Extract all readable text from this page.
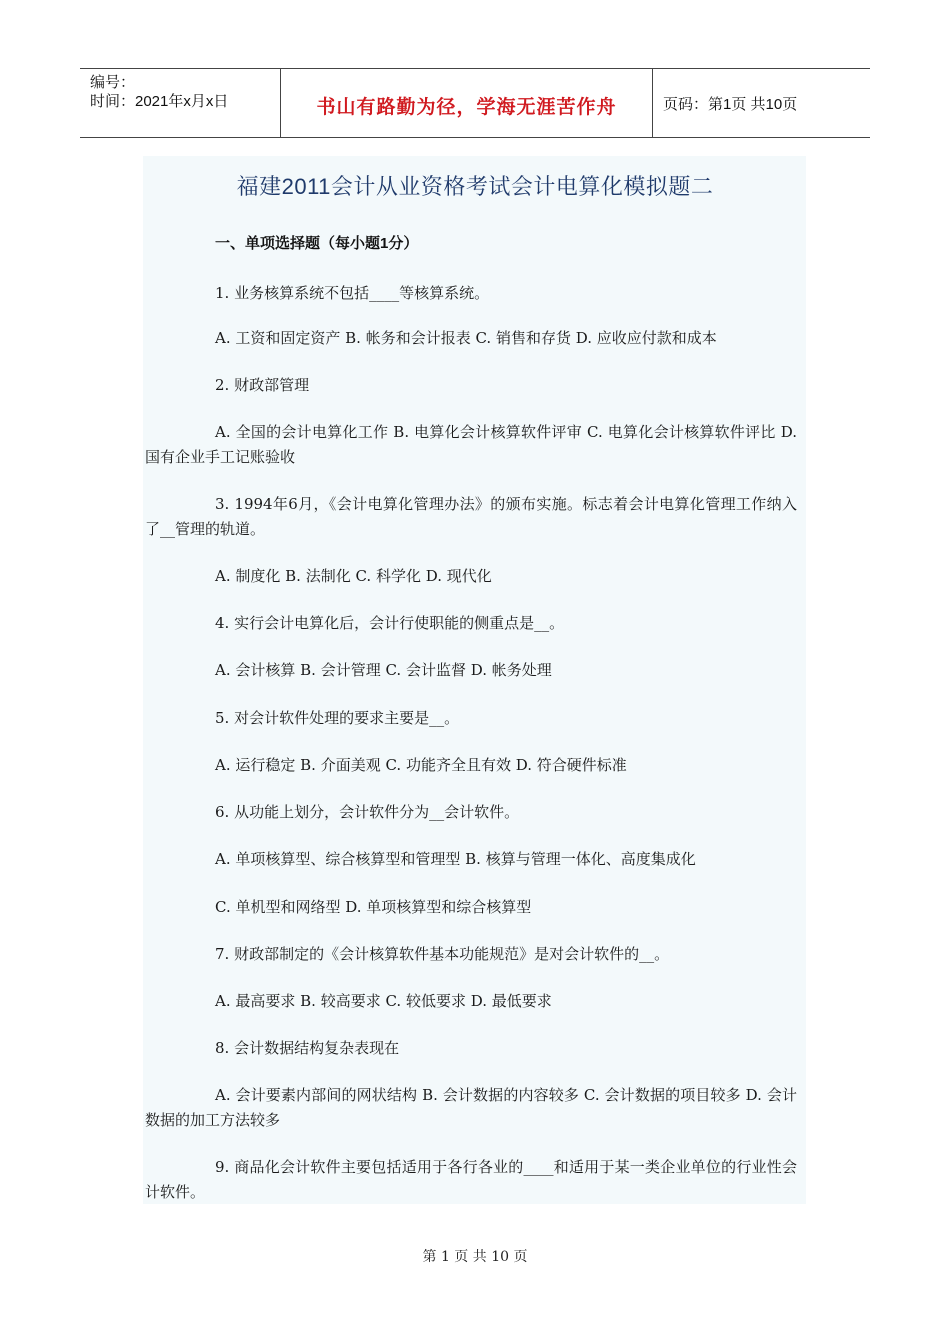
编号：
时间：2021年x月x日	书山有路勤为径，学海无涯苦作舟	页码：第1页 共10页
福建2011会计从业资格考试会计电算化模拟题二
一、单项选择题（每小题1分）

1. 业务核算系统不包括____等核算系统。

A. 工资和固定资产 B. 帐务和会计报表 C. 销售和存货 D. 应收应付款和成本

2. 财政部管理

A. 全国的会计电算化工作 B. 电算化会计核算软件评审 C. 电算化会计核算软件评比 D. 国有企业手工记账验收

3. 1994年6月，《会计电算化管理办法》的颁布实施。标志着会计电算化管理工作纳入了__管理的轨道。

A. 制度化 B. 法制化 C. 科学化 D. 现代化

4. 实行会计电算化后，会计行使职能的侧重点是__。

A. 会计核算 B. 会计管理 C. 会计监督 D. 帐务处理

5. 对会计软件处理的要求主要是__。

A. 运行稳定 B. 介面美观 C. 功能齐全且有效 D. 符合硬件标准

6. 从功能上划分，会计软件分为__会计软件。

A. 单项核算型、综合核算型和管理型 B. 核算与管理一体化、高度集成化

C. 单机型和网络型 D. 单项核算型和综合核算型

7. 财政部制定的《会计核算软件基本功能规范》是对会计软件的__。

A. 最高要求 B. 较高要求 C. 较低要求 D. 最低要求

8. 会计数据结构复杂表现在

A. 会计要素内部间的网状结构 B. 会计数据的内容较多 C. 会计数据的项目较多 D. 会计数据的加工方法较多

9. 商品化会计软件主要包括适用于各行各业的____和适用于某一类企业单位的行业性会计软件。

第 1 页 共 10 页
